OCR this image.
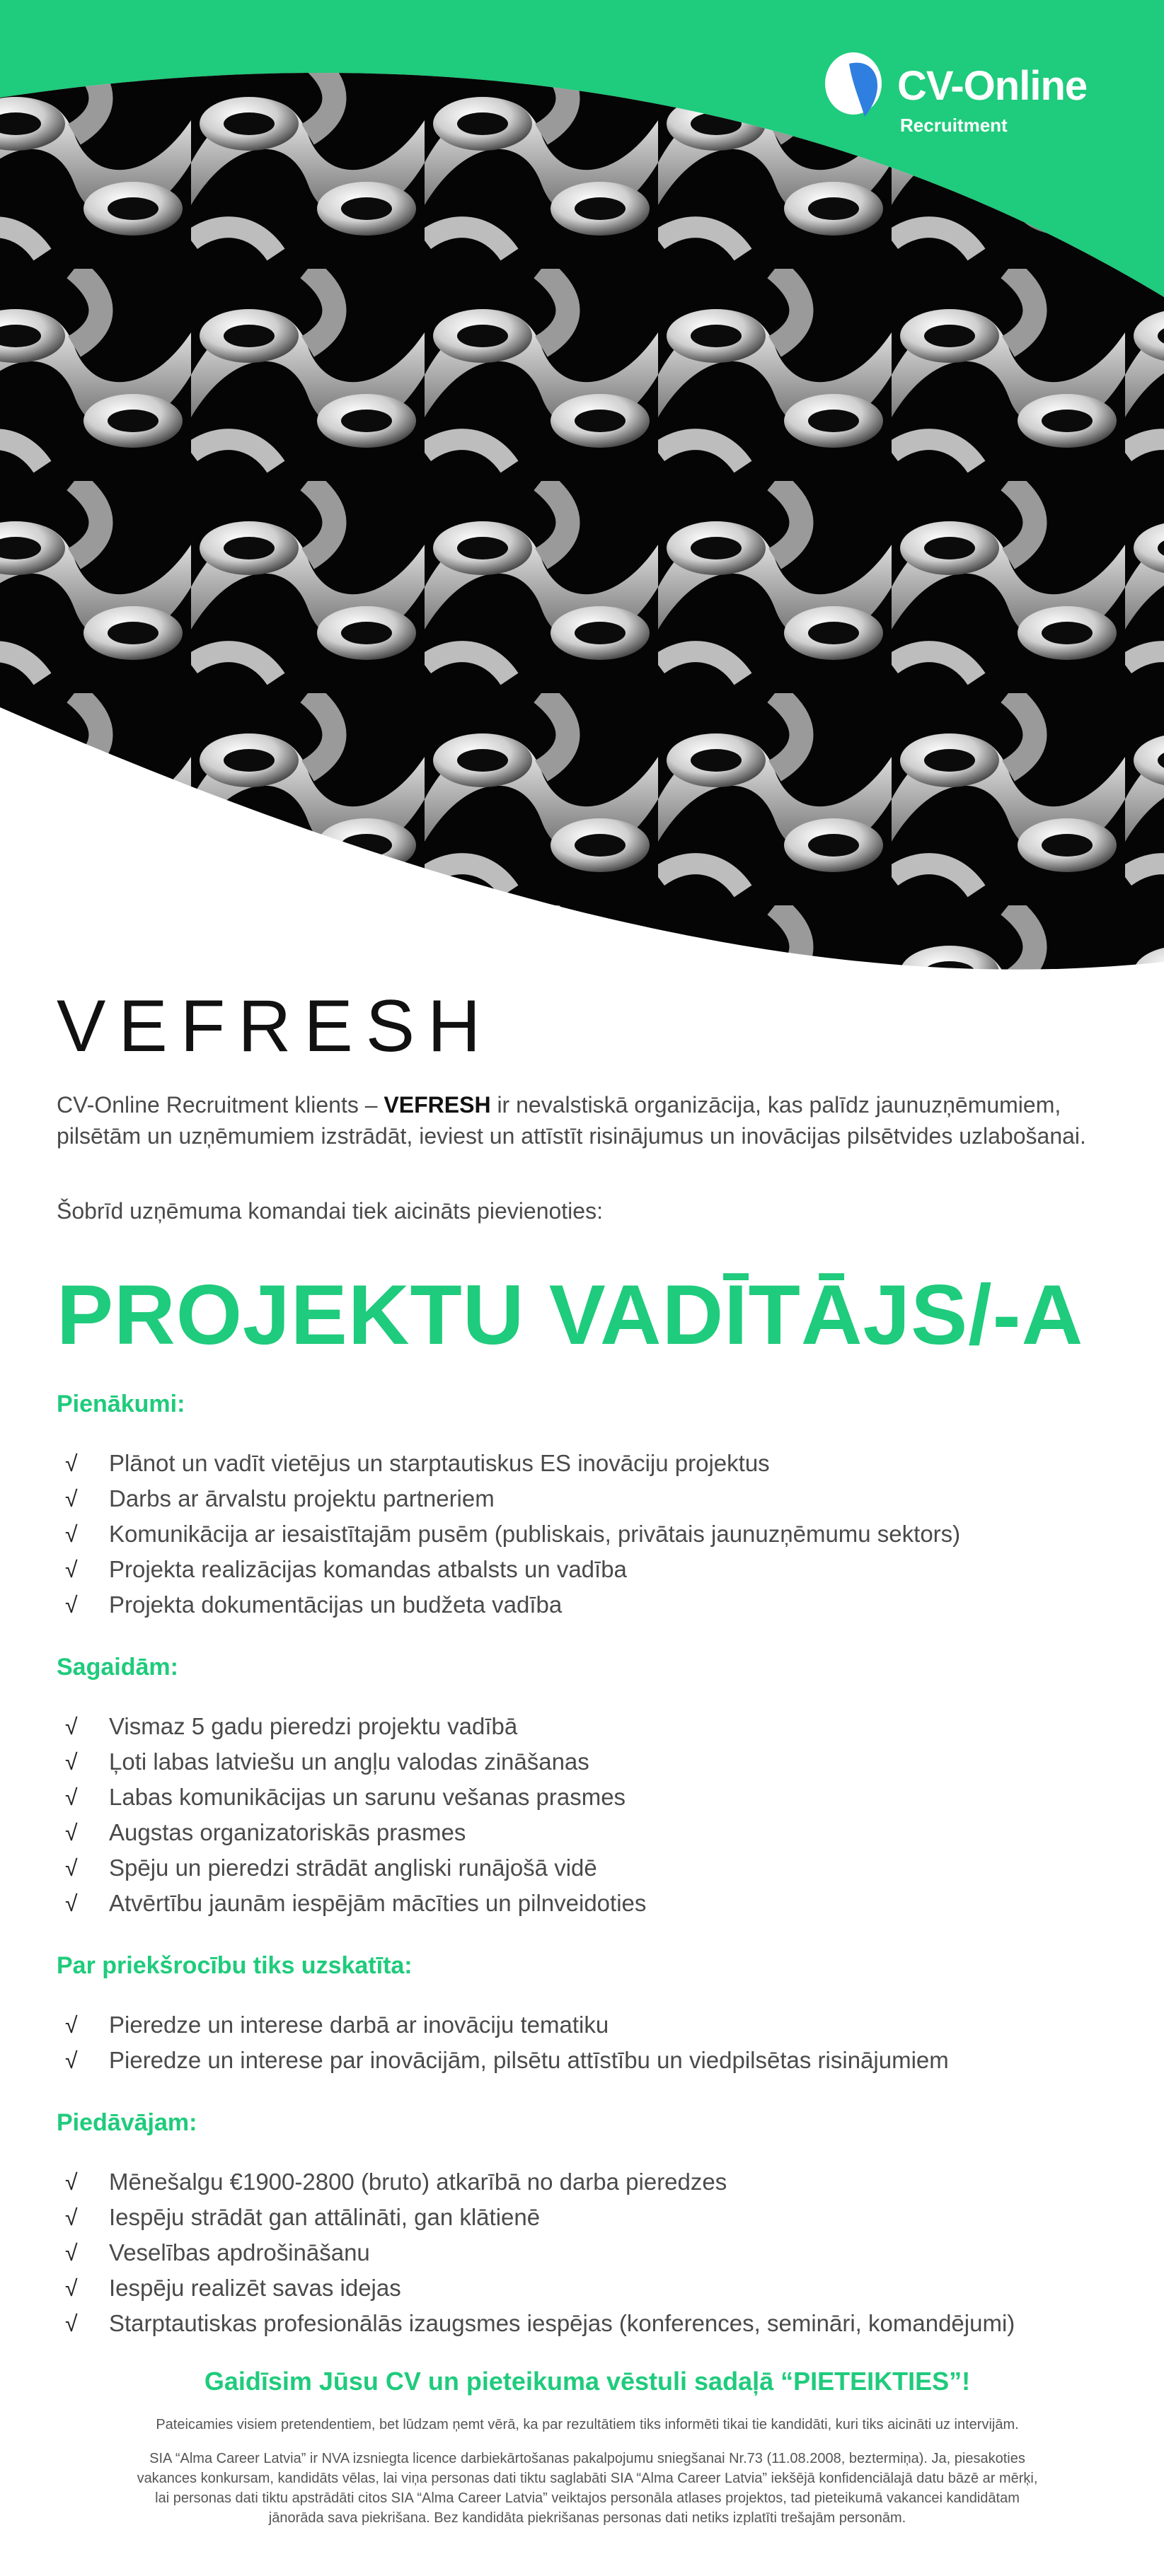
CV-Online
Recruitment
VEFRESH

CV-Online Recruitment klients – VEFRESH ir nevalstiskā organizācija, kas palīdz jaunuzņēmumiem, pilsētām un uzņēmumiem izstrādāt, ieviest un attīstīt risinājumus un inovācijas pilsētvides uzlabošanai.

Šobrīd uzņēmuma komandai tiek aicināts pievienoties:

PROJEKTU VADĪTĀJS/-A
Pienākumi:
√ Plānot un vadīt vietējus un starptautiskus ES inovāciju projektus
√ Darbs ar ārvalstu projektu partneriem
√ Komunikācija ar iesaistītajām pusēm (publiskais, privātais jaunuzņēmumu sektors)
√ Projekta realizācijas komandas atbalsts un vadība
√ Projekta dokumentācijas un budžeta vadība
Sagaidām:
√ Vismaz 5 gadu pieredzi projektu vadībā
√ Ļoti labas latviešu un angļu valodas zināšanas
√ Labas komunikācijas un sarunu vešanas prasmes
√ Augstas organizatoriskās prasmes
√ Spēju un pieredzi strādāt angliski runājošā vidē
√ Atvērtību jaunām iespējām mācīties un pilnveidoties
Par priekšrocību tiks uzskatīta:
√ Pieredze un interese darbā ar inovāciju tematiku
√ Pieredze un interese par inovācijām, pilsētu attīstību un viedpilsētas risinājumiem
Piedāvājam:
√ Mēnešalgu €1900-2800 (bruto) atkarībā no darba pieredzes
√ Iespēju strādāt gan attālināti, gan klātienē
√ Veselības apdrošināšanu
√ Iespēju realizēt savas idejas
√ Starptautiskas profesionālās izaugsmes iespējas (konferences, semināri, komandējumi)

Gaidīsim Jūsu CV un pieteikuma vēstuli sadaļā “PIETEIKTIES”!

Pateicamies visiem pretendentiem, bet lūdzam ņemt vērā, ka par rezultātiem tiks informēti tikai tie kandidāti, kuri tiks aicināti uz intervijām.

SIA “Alma Career Latvia” ir NVA izsniegta licence darbiekārtošanas pakalpojumu sniegšanai Nr.73 (11.08.2008, beztermiņa). Ja, piesakoties

vakances konkursam, kandidāts vēlas, lai viņa personas dati tiktu saglabāti SIA “Alma Career Latvia” iekšējā konfidenciālajā datu bāzē ar mērķi,

lai personas dati tiktu apstrādāti citos SIA “Alma Career Latvia” veiktajos personāla atlases projektos, tad pieteikumā vakancei kandidātam

jānorāda sava piekrišana. Bez kandidāta piekrišanas personas dati netiks izplatīti trešajām personām.
